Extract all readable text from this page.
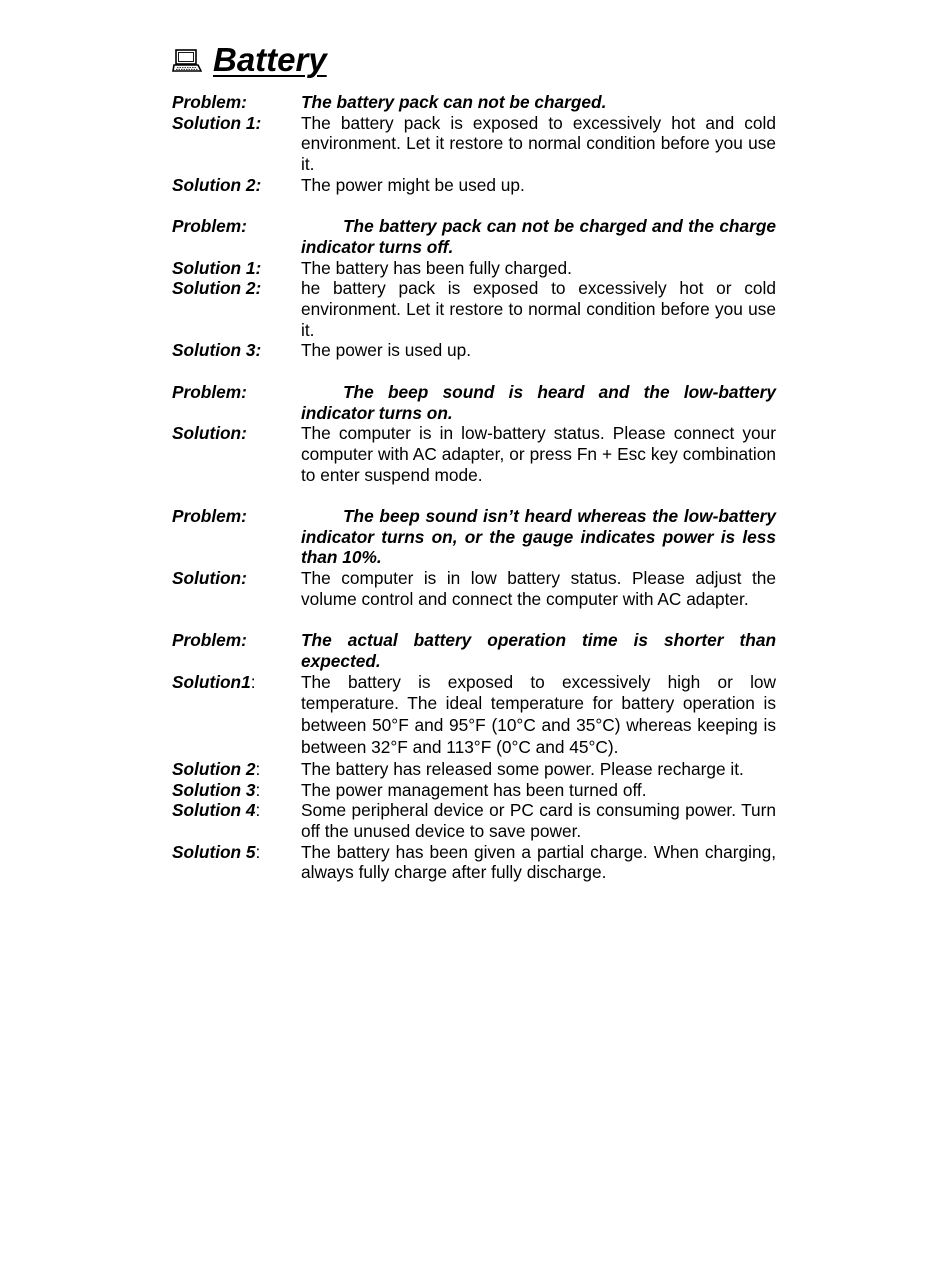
Battery
Problem:	The battery pack can not be charged.
Solution 1:	The battery pack is exposed to excessively hot and cold environment. Let it restore to normal condition before you use it.
Solution 2:	The power might be used up.
Problem:	The battery pack can not be charged and the charge indicator turns off.
Solution 1:	The battery has been fully charged.
Solution 2:	he battery pack is exposed to excessively hot or cold environment. Let it restore to normal condition before you use it.
Solution 3:	The power is used up.
Problem:	The beep sound is heard and the low-battery indicator turns on.
Solution:	The computer is in low-battery status. Please connect your computer with AC adapter, or press Fn + Esc key combination to enter suspend mode.
Problem:	The beep sound isn’t heard whereas the low-battery indicator turns on, or the gauge indicates power is less than 10%.
Solution:	The computer is in low battery status. Please adjust the volume control and connect the computer with AC adapter.
Problem:	The actual battery operation time is shorter than expected.
Solution1:	The battery is exposed to excessively high or low temperature. The ideal temperature for battery operation is between 50°F and 95°F (10°C and 35°C) whereas keeping is between 32°F and 113°F (0°C and 45°C).
Solution 2:	The battery has released some power. Please recharge it.
Solution 3:	The power management has been turned off.
Solution 4:	Some peripheral device or PC card is consuming power. Turn off the unused device to save power.
Solution 5:	The battery has been given a partial charge. When charging, always fully charge after fully discharge.
